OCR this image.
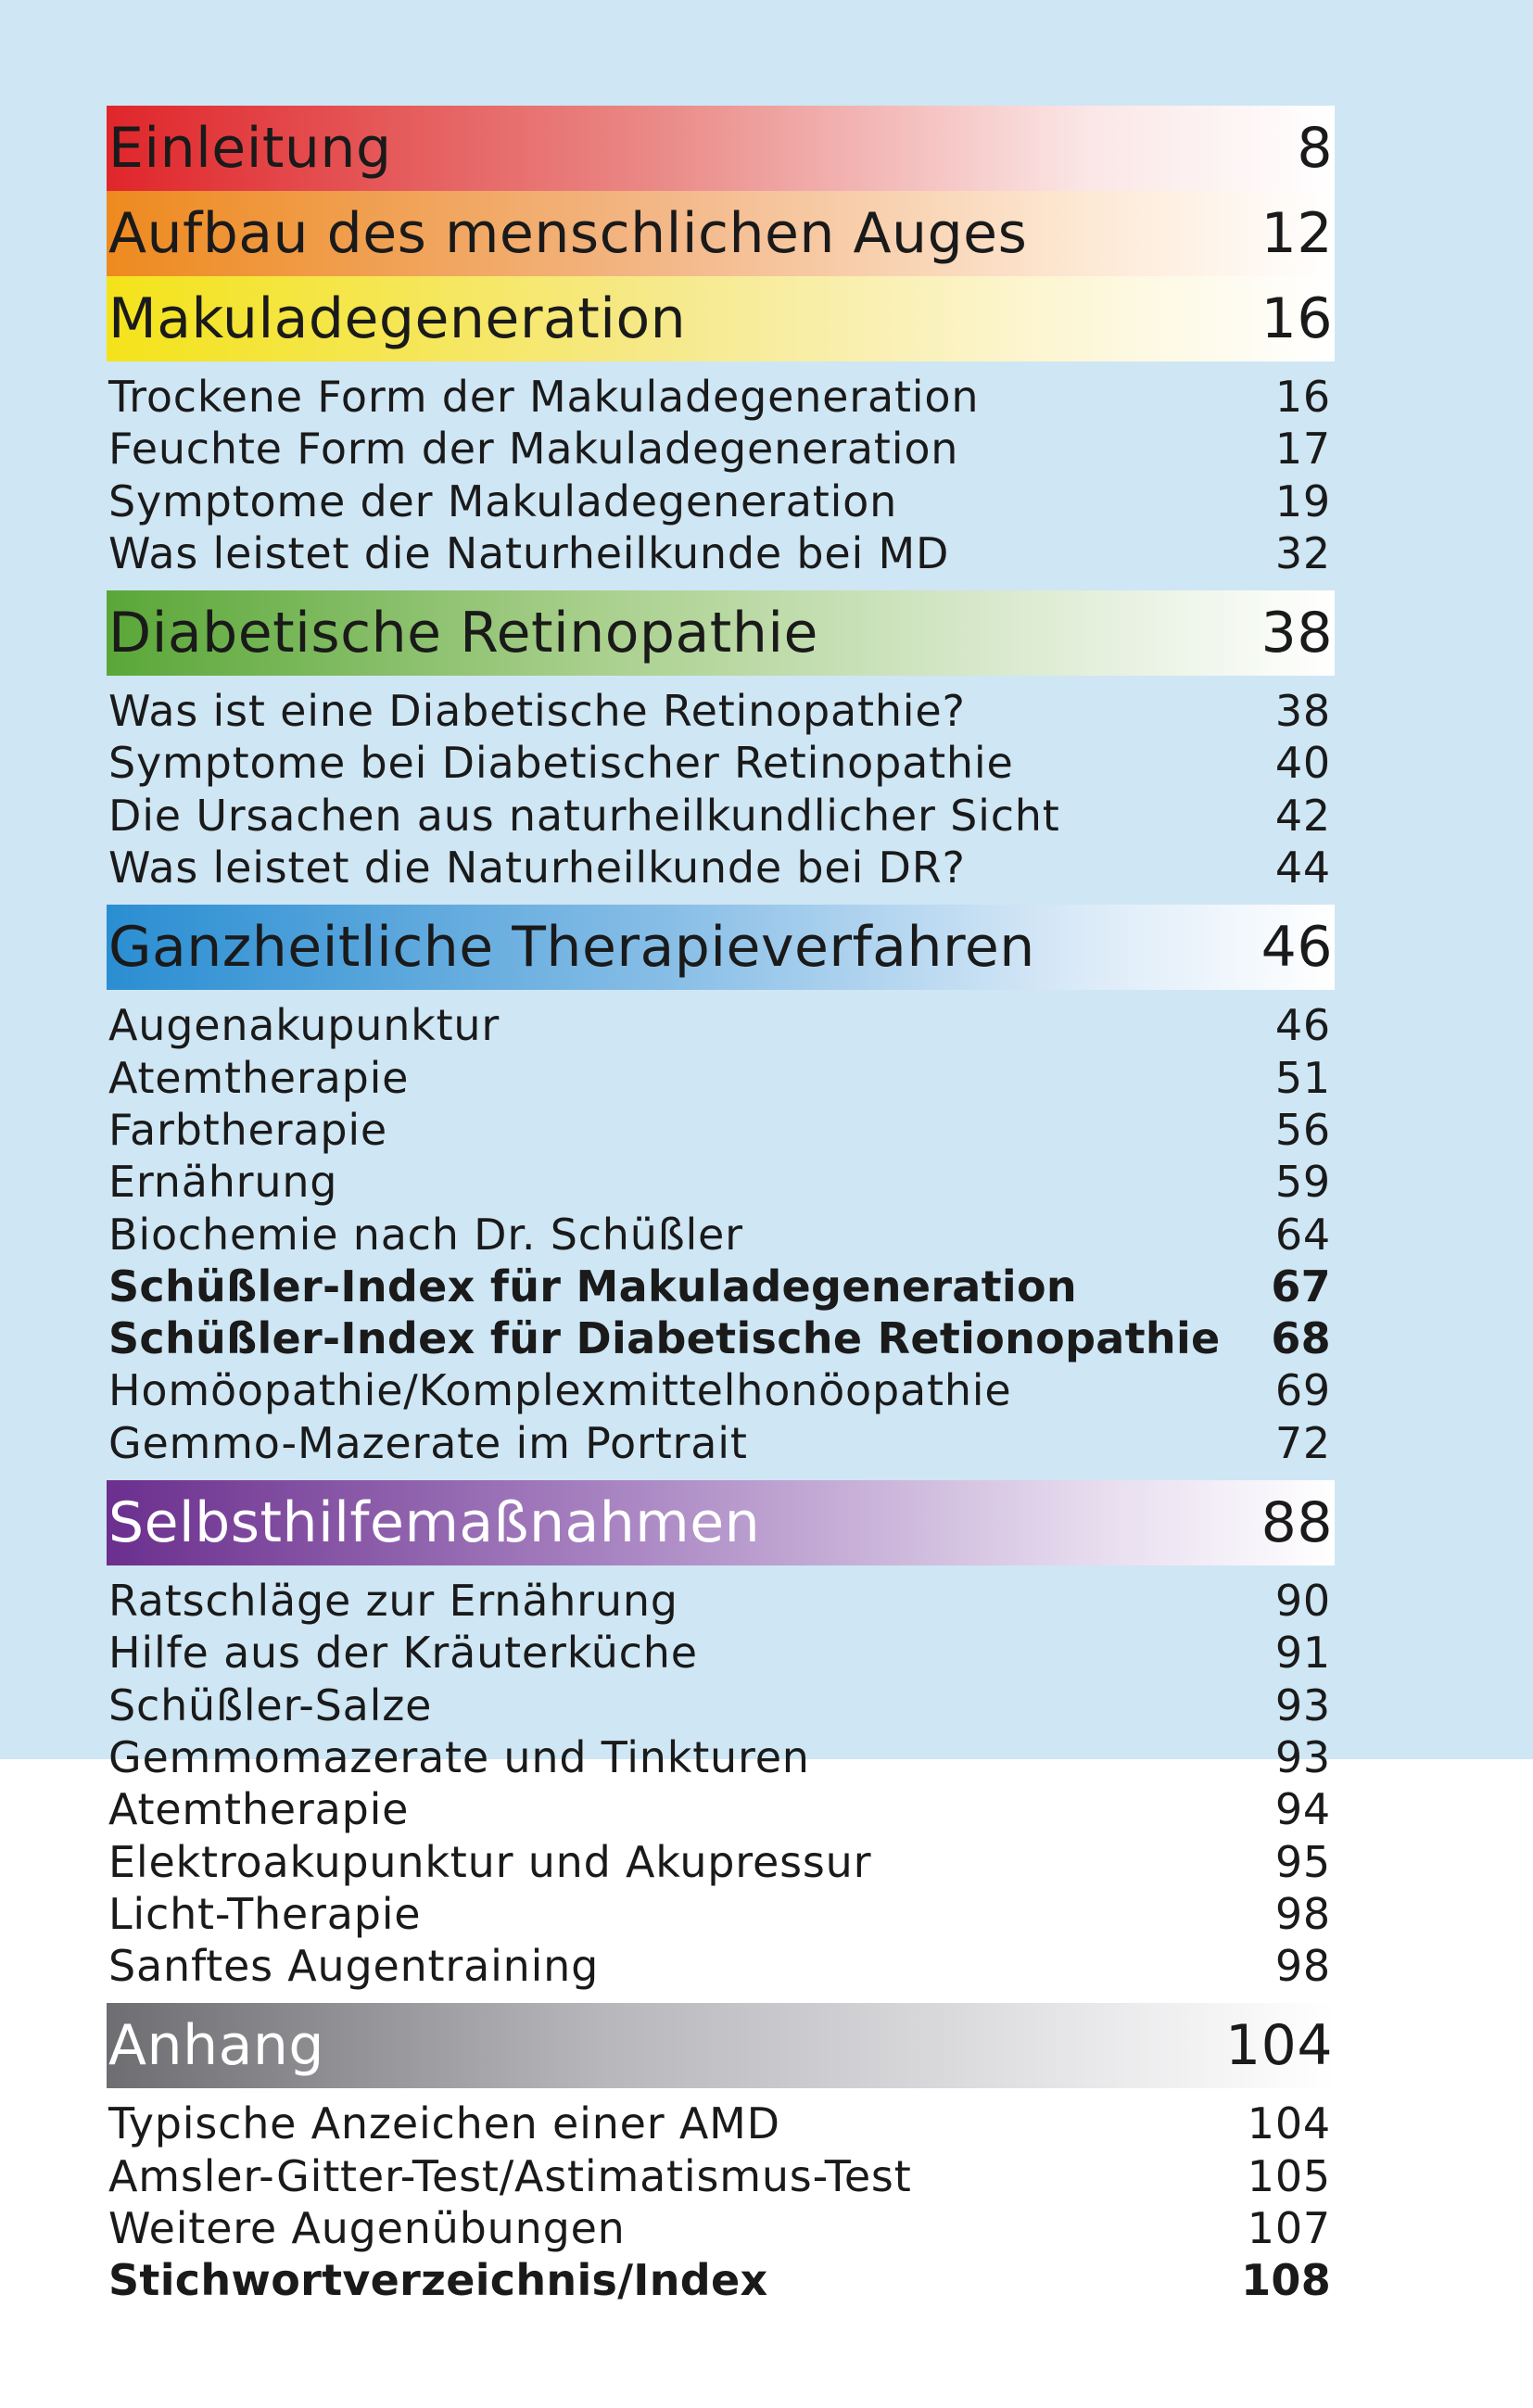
Einleitung	8
Aufbau des menschlichen Auges	12
Makuladegeneration	16
Trockene Form der Makuladegeneration	16
Feuchte Form der Makuladegeneration	17
Symptome der Makuladegeneration	19
Was leistet die Naturheilkunde bei MD	32
Diabetische Retinopathie	38
Was ist eine Diabetische Retinopathie?	38
Symptome bei Diabetischer Retinopathie	40
Die Ursachen aus naturheilkundlicher Sicht	42
Was leistet die Naturheilkunde bei DR?	44
Ganzheitliche Therapieverfahren	46
Augenakupunktur	46
Atemtherapie	51
Farbtherapie	56
Ernährung	59
Biochemie nach Dr. Schüßler	64
Schüßler-Index für Makuladegeneration	67
Schüßler-Index für Diabetische Retionopathie 68
Homöopathie/Komplexmittelhonöopathie	69
Gemmo-Mazerate im Portrait	72
Selbsthilfemaßnahmen	88
Ratschläge zur Ernährung	90
Hilfe aus der Kräuterküche	91
Schüßler-Salze	93
Gemmomazerate und Tinkturen	93
Atemtherapie	94
Elektroakupunktur und Akupressur	95
Licht-Therapie	98
Sanftes Augentraining	98
Anhang	104
Typische Anzeichen einer AMD	104
Amsler-Gitter-Test/Astimatismus-Test	105
Weitere Augenübungen	107
Stichwortverzeichnis/Index	108
